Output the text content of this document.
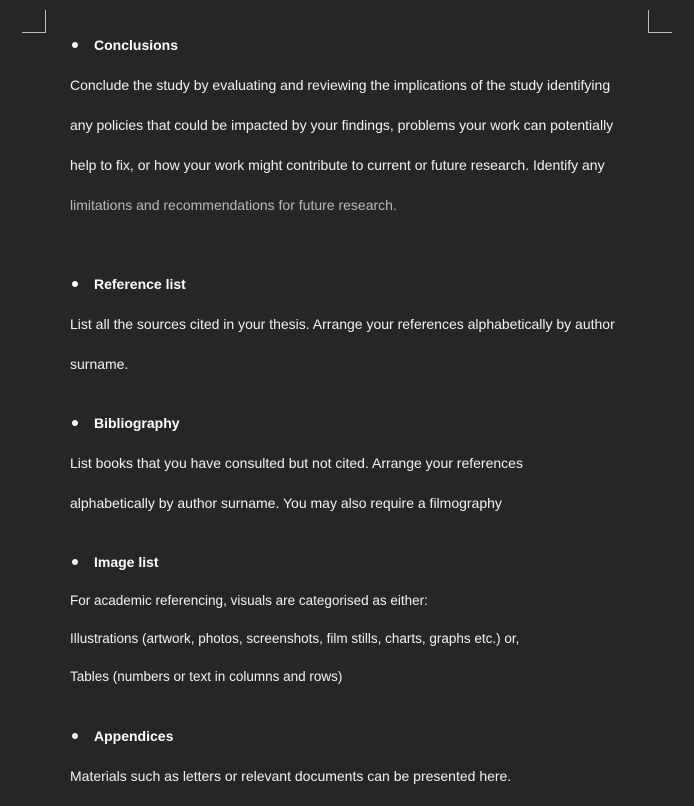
Conclusions

Conclude the study by evaluating and reviewing the implications of the study identifying

any policies that could be impacted by your findings, problems your work can potentially

help to fix, or how your work might contribute to current or future research. Identify any

limitations and recommendations for future research.

Reference list

List all the sources cited in your thesis. Arrange your references alphabetically by author

surname.

Bibliography

List books that you have consulted but not cited. Arrange your references

alphabetically by author surname. You may also require a filmography

Image list

For academic referencing, visuals are categorised as either:

Illustrations (artwork, photos, screenshots, film stills, charts, graphs etc.) or,

Tables (numbers or text in columns and rows)

Appendices

Materials such as letters or relevant documents can be presented here.
